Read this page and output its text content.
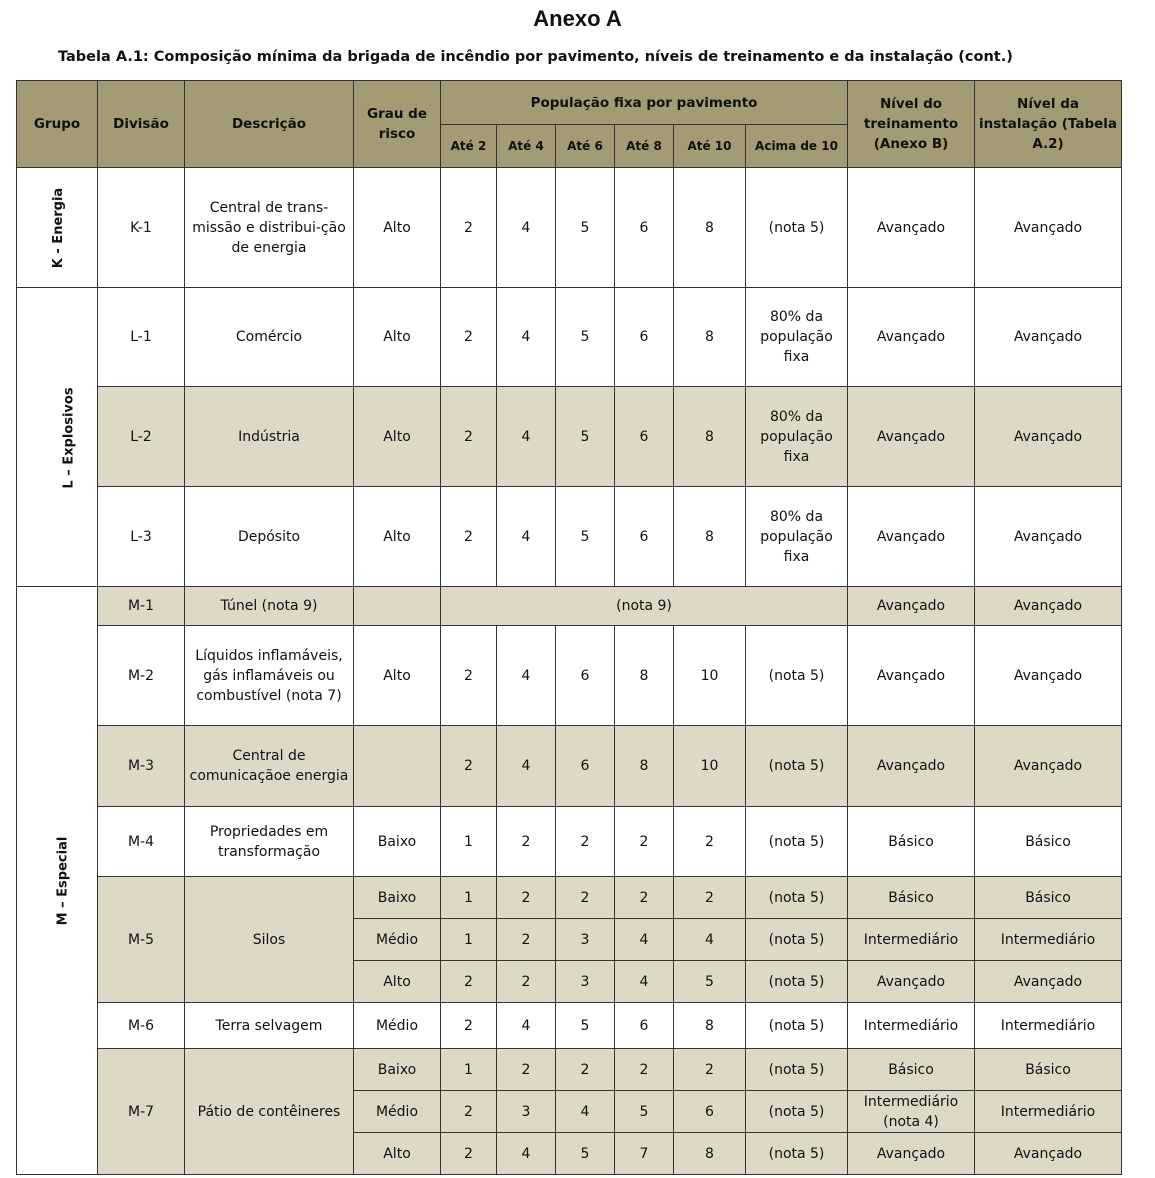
Anexo A
Tabela A.1: Composição mínima da brigada de incêndio por pavimento, níveis de treinamento e da instalação (cont.)
Grupo	Divisão	Descrição	Grau de risco	População fixa por pavimento						Nível do treinamento (Anexo B)	Nível da instalação (Tabela A.2)
				Até 2	Até 4	Até 6	Até 8	Até 10	Acima de 10		
K - Energia	K-1	Central de trans-missão e distribui-ção de energia	Alto	2	4	5	6	8	(nota 5)	Avançado	Avançado
L – Explosivos	L-1	Comércio	Alto	2	4	5	6	8	80% da população fixa	Avançado	Avançado
	L-2	Indústria	Alto	2	4	5	6	8	80% da população fixa	Avançado	Avançado
	L-3	Depósito	Alto	2	4	5	6	8	80% da população fixa	Avançado	Avançado
M – Especial	M-1	Túnel (nota 9)		(nota 9)						Avançado	Avançado
	M-2	Líquidos inflamáveis, gás inflamáveis ou combustível (nota 7)	Alto	2	4	6	8	10	(nota 5)	Avançado	Avançado
	M-3	Central de comunicaçãoe energia		2	4	6	8	10	(nota 5)	Avançado	Avançado
	M-4	Propriedades em transformação	Baixo	1	2	2	2	2	(nota 5)	Básico	Básico
	M-5	Silos	Baixo	1	2	2	2	2	(nota 5)	Básico	Básico
			Médio	1	2	3	4	4	(nota 5)	Intermediário	Intermediário
			Alto	2	2	3	4	5	(nota 5)	Avançado	Avançado
	M-6	Terra selvagem	Médio	2	4	5	6	8	(nota 5)	Intermediário	Intermediário
	M-7	Pátio de contêineres	Baixo	1	2	2	2	2	(nota 5)	Básico	Básico
			Médio	2	3	4	5	6	(nota 5)	Intermediário (nota 4)	Intermediário
			Alto	2	4	5	7	8	(nota 5)	Avançado	Avançado
